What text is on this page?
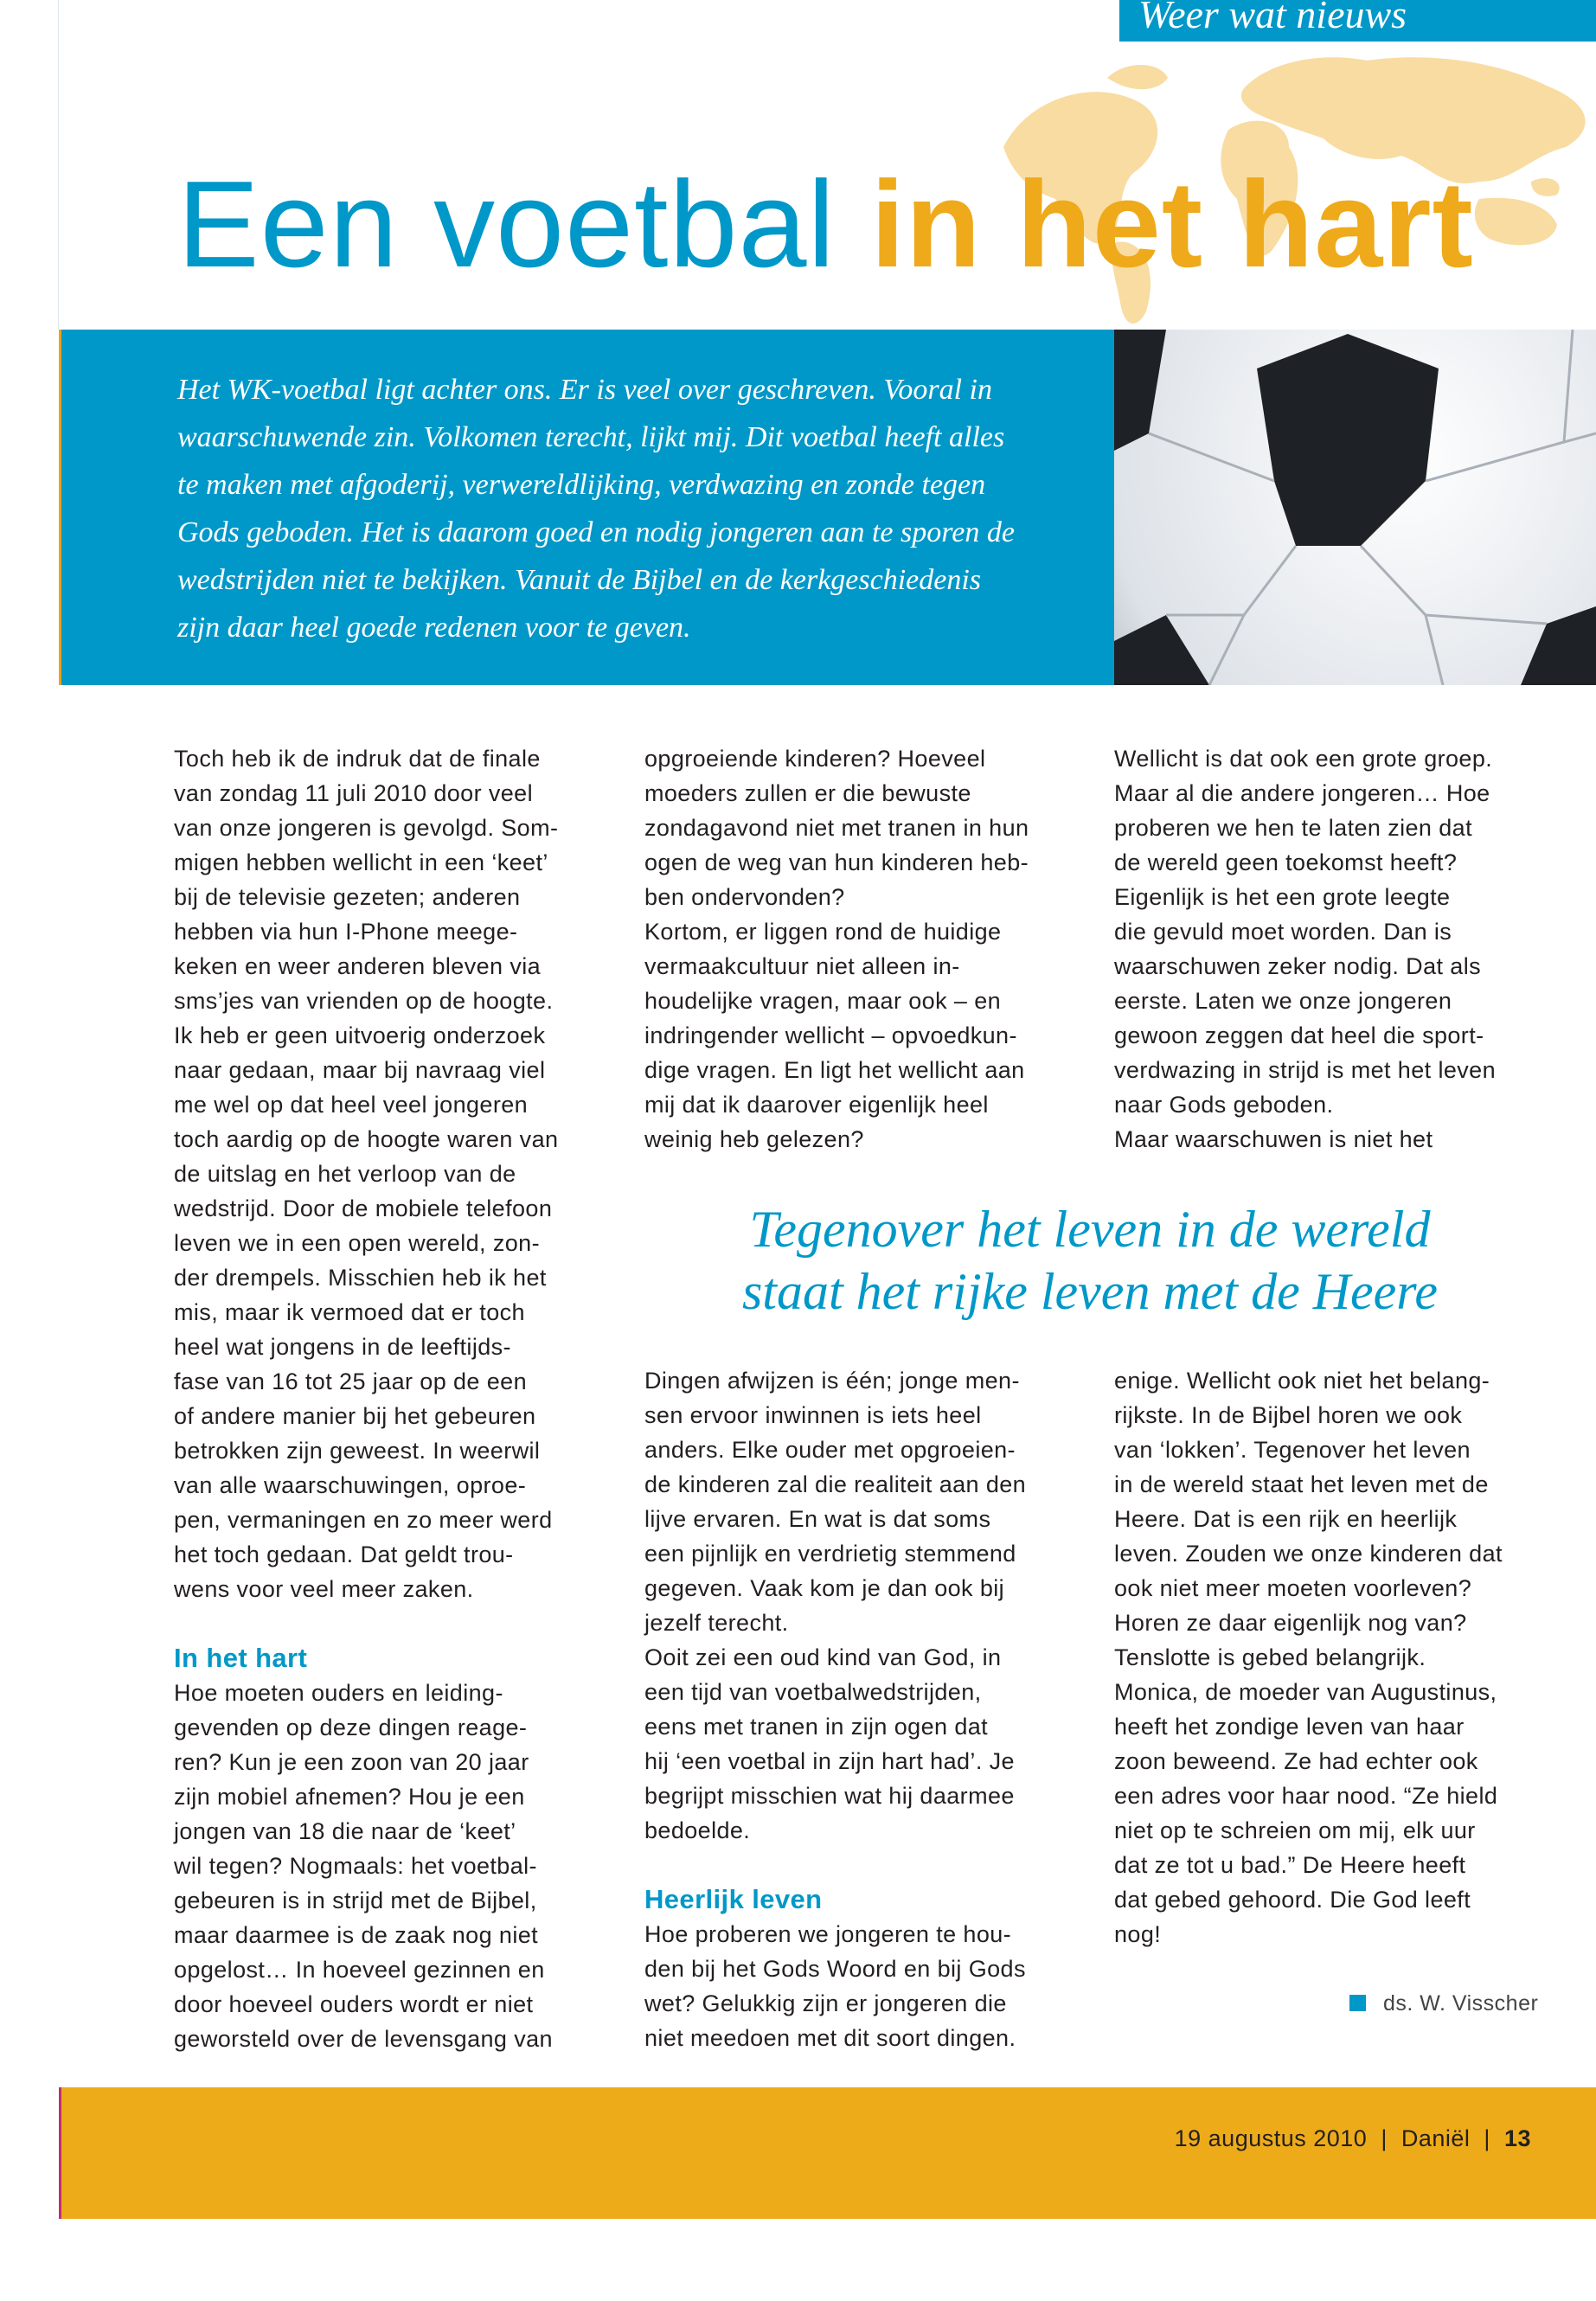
Weer wat nieuws
Een voetbal in het hart
Het WK-voetbal ligt achter ons. Er is veel over geschreven. Vooral in
waarschuwende zin. Volkomen terecht, lijkt mij. Dit voetbal heeft alles
te maken met afgoderij, verwereldlijking, verdwazing en zonde tegen
Gods geboden. Het is daarom goed en nodig jongeren aan te sporen de
wedstrijden niet te bekijken. Vanuit de Bijbel en de kerkgeschiedenis
zijn daar heel goede redenen voor te geven.
Toch heb ik de indruk dat de finale
van zondag 11 juli 2010 door veel
van onze jongeren is gevolgd. Som-
migen hebben wellicht in een ‘keet’
bij de televisie gezeten; anderen
hebben via hun I-Phone meege-
keken en weer anderen bleven via
sms’jes van vrienden op de hoogte.
Ik heb er geen uitvoerig onderzoek
naar gedaan, maar bij navraag viel
me wel op dat heel veel jongeren
toch aardig op de hoogte waren van
de uitslag en het verloop van de
wedstrijd. Door de mobiele telefoon
leven we in een open wereld, zon-
der drempels. Misschien heb ik het
mis, maar ik vermoed dat er toch
heel wat jongens in de leeftijds-
fase van 16 tot 25 jaar op de een
of andere manier bij het gebeuren
betrokken zijn geweest. In weerwil
van alle waarschuwingen, oproe-
pen, vermaningen en zo meer werd
het toch gedaan. Dat geldt trou-
wens voor veel meer zaken.
In het hart
Hoe moeten ouders en leiding-
gevenden op deze dingen reage-
ren? Kun je een zoon van 20 jaar
zijn mobiel afnemen? Hou je een
jongen van 18 die naar de ‘keet’
wil tegen? Nogmaals: het voetbal-
gebeuren is in strijd met de Bijbel,
maar daarmee is de zaak nog niet
opgelost… In hoeveel gezinnen en
door hoeveel ouders wordt er niet
geworsteld over de levensgang van
opgroeiende kinderen? Hoeveel
moeders zullen er die bewuste
zondagavond niet met tranen in hun
ogen de weg van hun kinderen heb-
ben ondervonden?
Kortom, er liggen rond de huidige
vermaakcultuur niet alleen in-
houdelijke vragen, maar ook – en
indringender wellicht – opvoedkun-
dige vragen. En ligt het wellicht aan
mij dat ik daarover eigenlijk heel
weinig heb gelezen?
Wellicht is dat ook een grote groep.
Maar al die andere jongeren… Hoe
proberen we hen te laten zien dat
de wereld geen toekomst heeft?
Eigenlijk is het een grote leegte
die gevuld moet worden. Dan is
waarschuwen zeker nodig. Dat als
eerste. Laten we onze jongeren
gewoon zeggen dat heel die sport-
verdwazing in strijd is met het leven
naar Gods geboden.
Maar waarschuwen is niet het
Tegenover het leven in de wereld
staat het rijke leven met de Heere
Dingen afwijzen is één; jonge men-
sen ervoor inwinnen is iets heel
anders. Elke ouder met opgroeien-
de kinderen zal die realiteit aan den
lijve ervaren. En wat is dat soms
een pijnlijk en verdrietig stemmend
gegeven. Vaak kom je dan ook bij
jezelf terecht.
Ooit zei een oud kind van God, in
een tijd van voetbalwedstrijden,
eens met tranen in zijn ogen dat
hij ‘een voetbal in zijn hart had’. Je
begrijpt misschien wat hij daarmee
bedoelde.
Heerlijk leven
Hoe proberen we jongeren te hou-
den bij het Gods Woord en bij Gods
wet? Gelukkig zijn er jongeren die
niet meedoen met dit soort dingen.
enige. Wellicht ook niet het belang-
rijkste. In de Bijbel horen we ook
van ‘lokken’. Tegenover het leven
in de wereld staat het leven met de
Heere. Dat is een rijk en heerlijk
leven. Zouden we onze kinderen dat
ook niet meer moeten voorleven?
Horen ze daar eigenlijk nog van?
Tenslotte is gebed belangrijk.
Monica, de moeder van Augustinus,
heeft het zondige leven van haar
zoon beweend. Ze had echter ook
een adres voor haar nood. “Ze hield
niet op te schreien om mij, elk uur
dat ze tot u bad.” De Heere heeft
dat gebed gehoord. Die God leeft
nog!
ds. W. Visscher
19 augustus 2010 | Daniël | 13
